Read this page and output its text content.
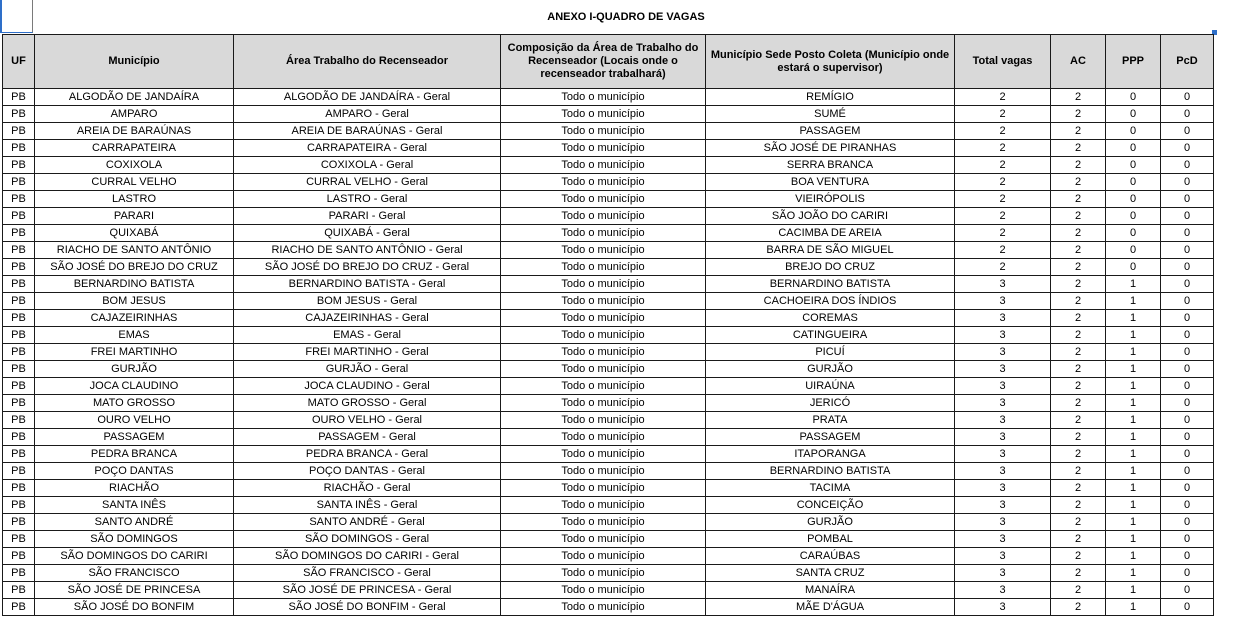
ANEXO I-QUADRO DE VAGAS
UF	Município	Área Trabalho do Recenseador	Composição da Área de Trabalho do Recenseador (Locais onde o recenseador trabalhará)	Município Sede Posto Coleta (Município onde estará o supervisor)	Total vagas	AC	PPP	PcD
PB	ALGODÃO DE JANDAÍRA	ALGODÃO DE JANDAÍRA - Geral	Todo o município	REMÍGIO	2	2	0	0
PB	AMPARO	AMPARO - Geral	Todo o município	SUMÉ	2	2	0	0
PB	AREIA DE BARAÚNAS	AREIA DE BARAÚNAS - Geral	Todo o município	PASSAGEM	2	2	0	0
PB	CARRAPATEIRA	CARRAPATEIRA - Geral	Todo o município	SÃO JOSÉ DE PIRANHAS	2	2	0	0
PB	COXIXOLA	COXIXOLA - Geral	Todo o município	SERRA BRANCA	2	2	0	0
PB	CURRAL VELHO	CURRAL VELHO - Geral	Todo o município	BOA VENTURA	2	2	0	0
PB	LASTRO	LASTRO - Geral	Todo o município	VIEIRÓPOLIS	2	2	0	0
PB	PARARI	PARARI - Geral	Todo o município	SÃO JOÃO DO CARIRI	2	2	0	0
PB	QUIXABÁ	QUIXABÁ - Geral	Todo o município	CACIMBA DE AREIA	2	2	0	0
PB	RIACHO DE SANTO ANTÔNIO	RIACHO DE SANTO ANTÔNIO - Geral	Todo o município	BARRA DE SÃO MIGUEL	2	2	0	0
PB	SÃO JOSÉ DO BREJO DO CRUZ	SÃO JOSÉ DO BREJO DO CRUZ - Geral	Todo o município	BREJO DO CRUZ	2	2	0	0
PB	BERNARDINO BATISTA	BERNARDINO BATISTA - Geral	Todo o município	BERNARDINO BATISTA	3	2	1	0
PB	BOM JESUS	BOM JESUS - Geral	Todo o município	CACHOEIRA DOS ÍNDIOS	3	2	1	0
PB	CAJAZEIRINHAS	CAJAZEIRINHAS - Geral	Todo o município	COREMAS	3	2	1	0
PB	EMAS	EMAS - Geral	Todo o município	CATINGUEIRA	3	2	1	0
PB	FREI MARTINHO	FREI MARTINHO - Geral	Todo o município	PICUÍ	3	2	1	0
PB	GURJÃO	GURJÃO - Geral	Todo o município	GURJÃO	3	2	1	0
PB	JOCA CLAUDINO	JOCA CLAUDINO - Geral	Todo o município	UIRAÚNA	3	2	1	0
PB	MATO GROSSO	MATO GROSSO - Geral	Todo o município	JERICÓ	3	2	1	0
PB	OURO VELHO	OURO VELHO - Geral	Todo o município	PRATA	3	2	1	0
PB	PASSAGEM	PASSAGEM - Geral	Todo o município	PASSAGEM	3	2	1	0
PB	PEDRA BRANCA	PEDRA BRANCA - Geral	Todo o município	ITAPORANGA	3	2	1	0
PB	POÇO DANTAS	POÇO DANTAS - Geral	Todo o município	BERNARDINO BATISTA	3	2	1	0
PB	RIACHÃO	RIACHÃO - Geral	Todo o município	TACIMA	3	2	1	0
PB	SANTA INÊS	SANTA INÊS - Geral	Todo o município	CONCEIÇÃO	3	2	1	0
PB	SANTO ANDRÉ	SANTO ANDRÉ - Geral	Todo o município	GURJÃO	3	2	1	0
PB	SÃO DOMINGOS	SÃO DOMINGOS - Geral	Todo o município	POMBAL	3	2	1	0
PB	SÃO DOMINGOS DO CARIRI	SÃO DOMINGOS DO CARIRI - Geral	Todo o município	CARAÚBAS	3	2	1	0
PB	SÃO FRANCISCO	SÃO FRANCISCO - Geral	Todo o município	SANTA CRUZ	3	2	1	0
PB	SÃO JOSÉ DE PRINCESA	SÃO JOSÉ DE PRINCESA - Geral	Todo o município	MANAÍRA	3	2	1	0
PB	SÃO JOSÉ DO BONFIM	SÃO JOSÉ DO BONFIM - Geral	Todo o município	MÃE D'ÁGUA	3	2	1	0
